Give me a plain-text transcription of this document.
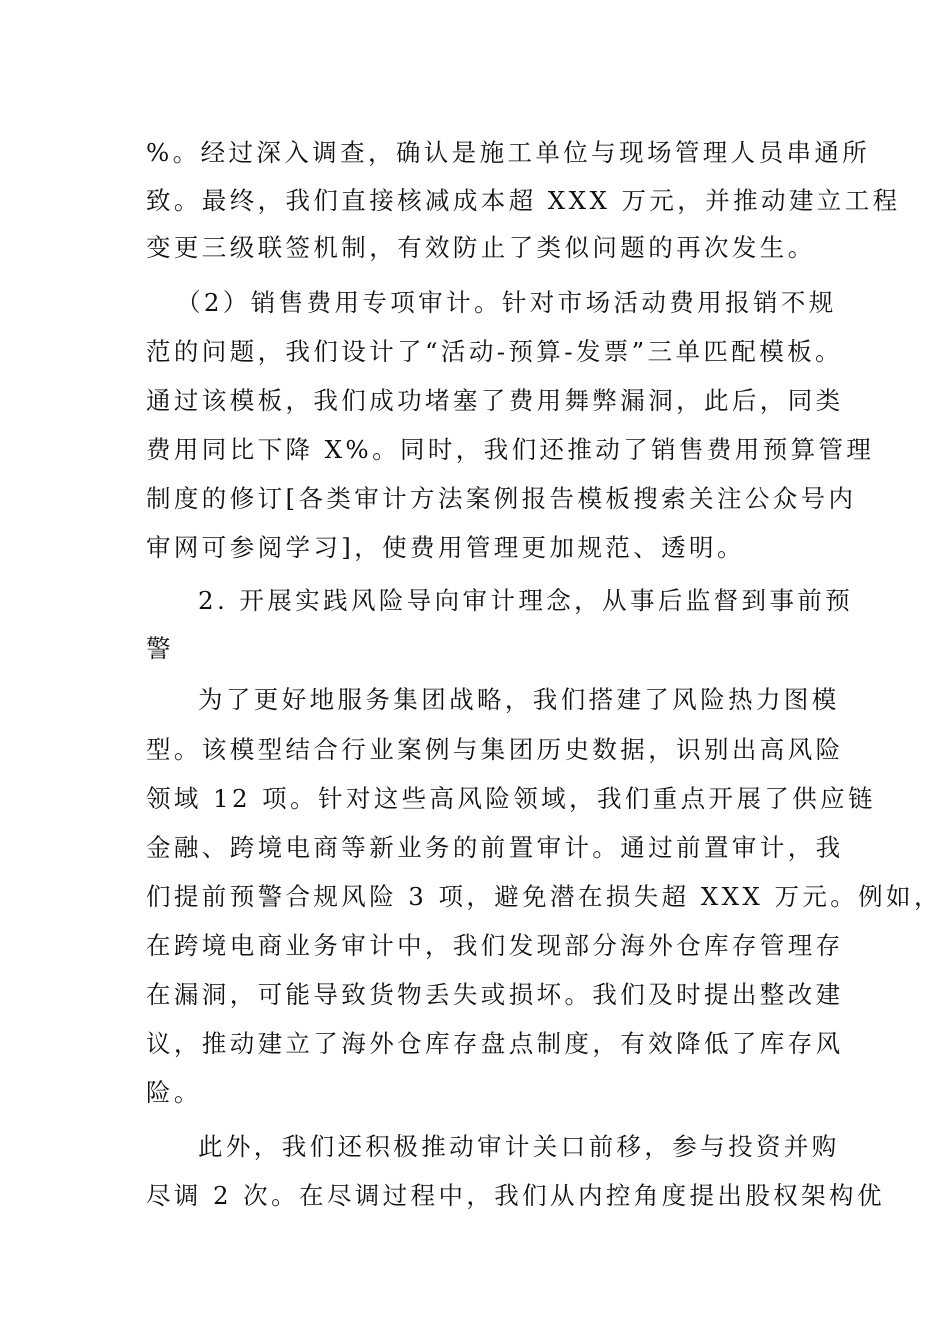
%。经过深入调查，确认是施工单位与现场管理人员串通所

致。最终，我们直接核减成本超 XXX 万元，并推动建立工程

变更三级联签机制，有效防止了类似问题的再次发生。

（2）销售费用专项审计。针对市场活动费用报销不规

范的问题，我们设计了“活动-预算-发票”三单匹配模板。

通过该模板，我们成功堵塞了费用舞弊漏洞，此后，同类

费用同比下降 X%。同时，我们还推动了销售费用预算管理

制度的修订[各类审计方法案例报告模板搜索关注公众号内

审网可参阅学习]，使费用管理更加规范、透明。

2. 开展实践风险导向审计理念，从事后监督到事前预

警

为了更好地服务集团战略，我们搭建了风险热力图模

型。该模型结合行业案例与集团历史数据，识别出高风险

领域 12 项。针对这些高风险领域，我们重点开展了供应链

金融、跨境电商等新业务的前置审计。通过前置审计，我

们提前预警合规风险 3 项，避免潜在损失超 XXX 万元。例如，

在跨境电商业务审计中，我们发现部分海外仓库存管理存

在漏洞，可能导致货物丢失或损坏。我们及时提出整改建

议，推动建立了海外仓库存盘点制度，有效降低了库存风

险。

此外，我们还积极推动审计关口前移，参与投资并购

尽调 2 次。在尽调过程中，我们从内控角度提出股权架构优
